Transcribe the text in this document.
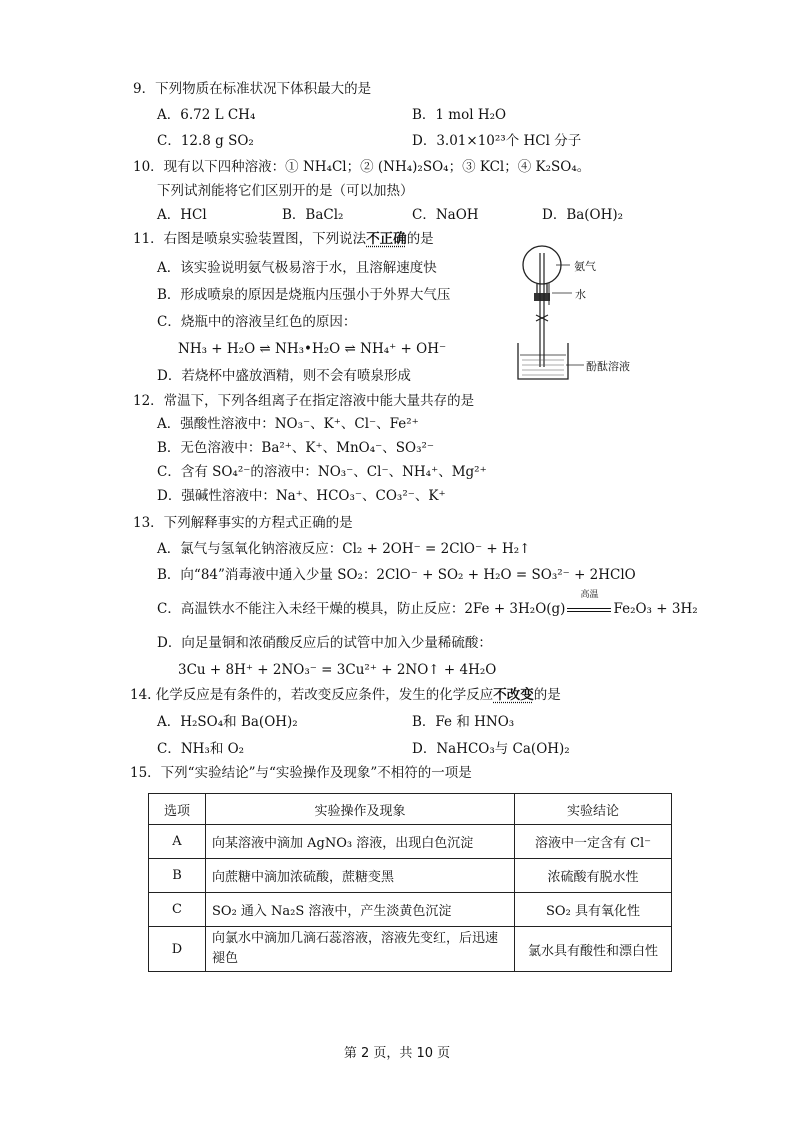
9．下列物质在标准状况下体积最大的是
A．6.72 L CH₄	B．1 mol H₂O
C．12.8 g SO₂	D．3.01×10²³个 HCl 分子
10．现有以下四种溶液：① NH₄Cl；② (NH₄)₂SO₄；③ KCl；④ K₂SO₄。
下列试剂能将它们区别开的是（可以加热）
A．HCl	B．BaCl₂	C．NaOH	D．Ba(OH)₂
11．右图是喷泉实验装置图，下列说法不正确的是
A．该实验说明氨气极易溶于水，且溶解速度快
B．形成喷泉的原因是烧瓶内压强小于外界大气压
C．烧瓶中的溶液呈红色的原因：
NH₃ + H₂O ⇌ NH₃•H₂O ⇌ NH₄⁺ + OH⁻
D．若烧杯中盛放酒精，则不会有喷泉形成
氨气
水
酚酞溶液
12．常温下，下列各组离子在指定溶液中能大量共存的是
A．强酸性溶液中：NO₃⁻、K⁺、Cl⁻、Fe²⁺
B．无色溶液中：Ba²⁺、K⁺、MnO₄⁻、SO₃²⁻
C．含有 SO₄²⁻的溶液中：NO₃⁻、Cl⁻、NH₄⁺、Mg²⁺
D．强碱性溶液中：Na⁺、HCO₃⁻、CO₃²⁻、K⁺
13．下列解释事实的方程式正确的是
A．氯气与氢氧化钠溶液反应：Cl₂ + 2OH⁻ = 2ClO⁻ + H₂↑
B．向“84”消毒液中通入少量 SO₂：2ClO⁻ + SO₂ + H₂O = SO₃²⁻ + 2HClO
C．高温铁水不能注入未经干燥的模具，防止反应：2Fe + 3H₂O(g)
高温
Fe₂O₃ + 3H₂
D．向足量铜和浓硝酸反应后的试管中加入少量稀硫酸：
3Cu + 8H⁺ + 2NO₃⁻ = 3Cu²⁺ + 2NO↑ + 4H₂O
14. 化学反应是有条件的，若改变反应条件，发生的化学反应不改变的是
A．H₂SO₄和 Ba(OH)₂	B．Fe 和 HNO₃
C．NH₃和 O₂	D．NaHCO₃与 Ca(OH)₂
15．下列“实验结论”与“实验操作及现象”不相符的一项是
选项	实验操作及现象	实验结论
A	向某溶液中滴加 AgNO₃ 溶液，出现白色沉淀	溶液中一定含有 Cl⁻
B	向蔗糖中滴加浓硫酸，蔗糖变黑	浓硫酸有脱水性
C	SO₂ 通入 Na₂S 溶液中，产生淡黄色沉淀	SO₂ 具有氧化性
D	向氯水中滴加几滴石蕊溶液，溶液先变红，后迅速褪色	氯水具有酸性和漂白性
第 2 页，共 10 页
